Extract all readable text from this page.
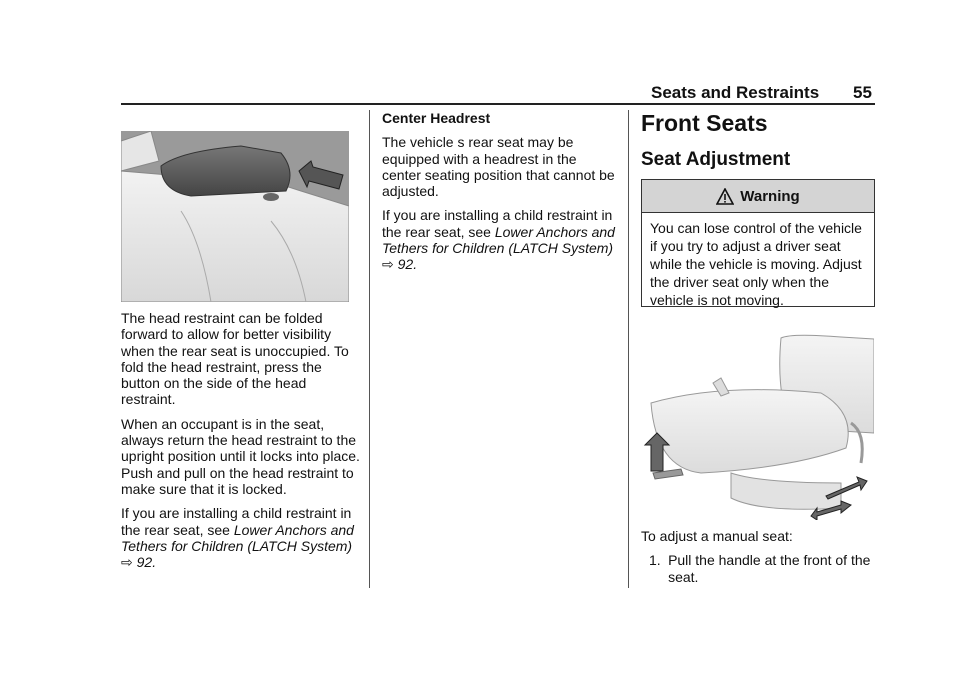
Seats and Restraints 55

The head restraint can be folded forward to allow for better visibility when the rear seat is unoccupied. To fold the head restraint, press the button on the side of the head restraint.

When an occupant is in the seat, always return the head restraint to the upright position until it locks into place. Push and pull on the head restraint to make sure that it is locked.

If you are installing a child restraint in the rear seat, see Lower Anchors and Tethers for Children (LATCH System) ⇨ 92.

Center Headrest

The vehicle s rear seat may be equipped with a headrest in the center seating position that cannot be adjusted.

If you are installing a child restraint in the rear seat, see Lower Anchors and Tethers for Children (LATCH System) ⇨ 92.

Front Seats
Seat Adjustment
Warning
You can lose control of the vehicle if you try to adjust a driver seat while the vehicle is moving. Adjust the driver seat only when the vehicle is not moving.
To adjust a manual seat:
1. Pull the handle at the front of the seat.
